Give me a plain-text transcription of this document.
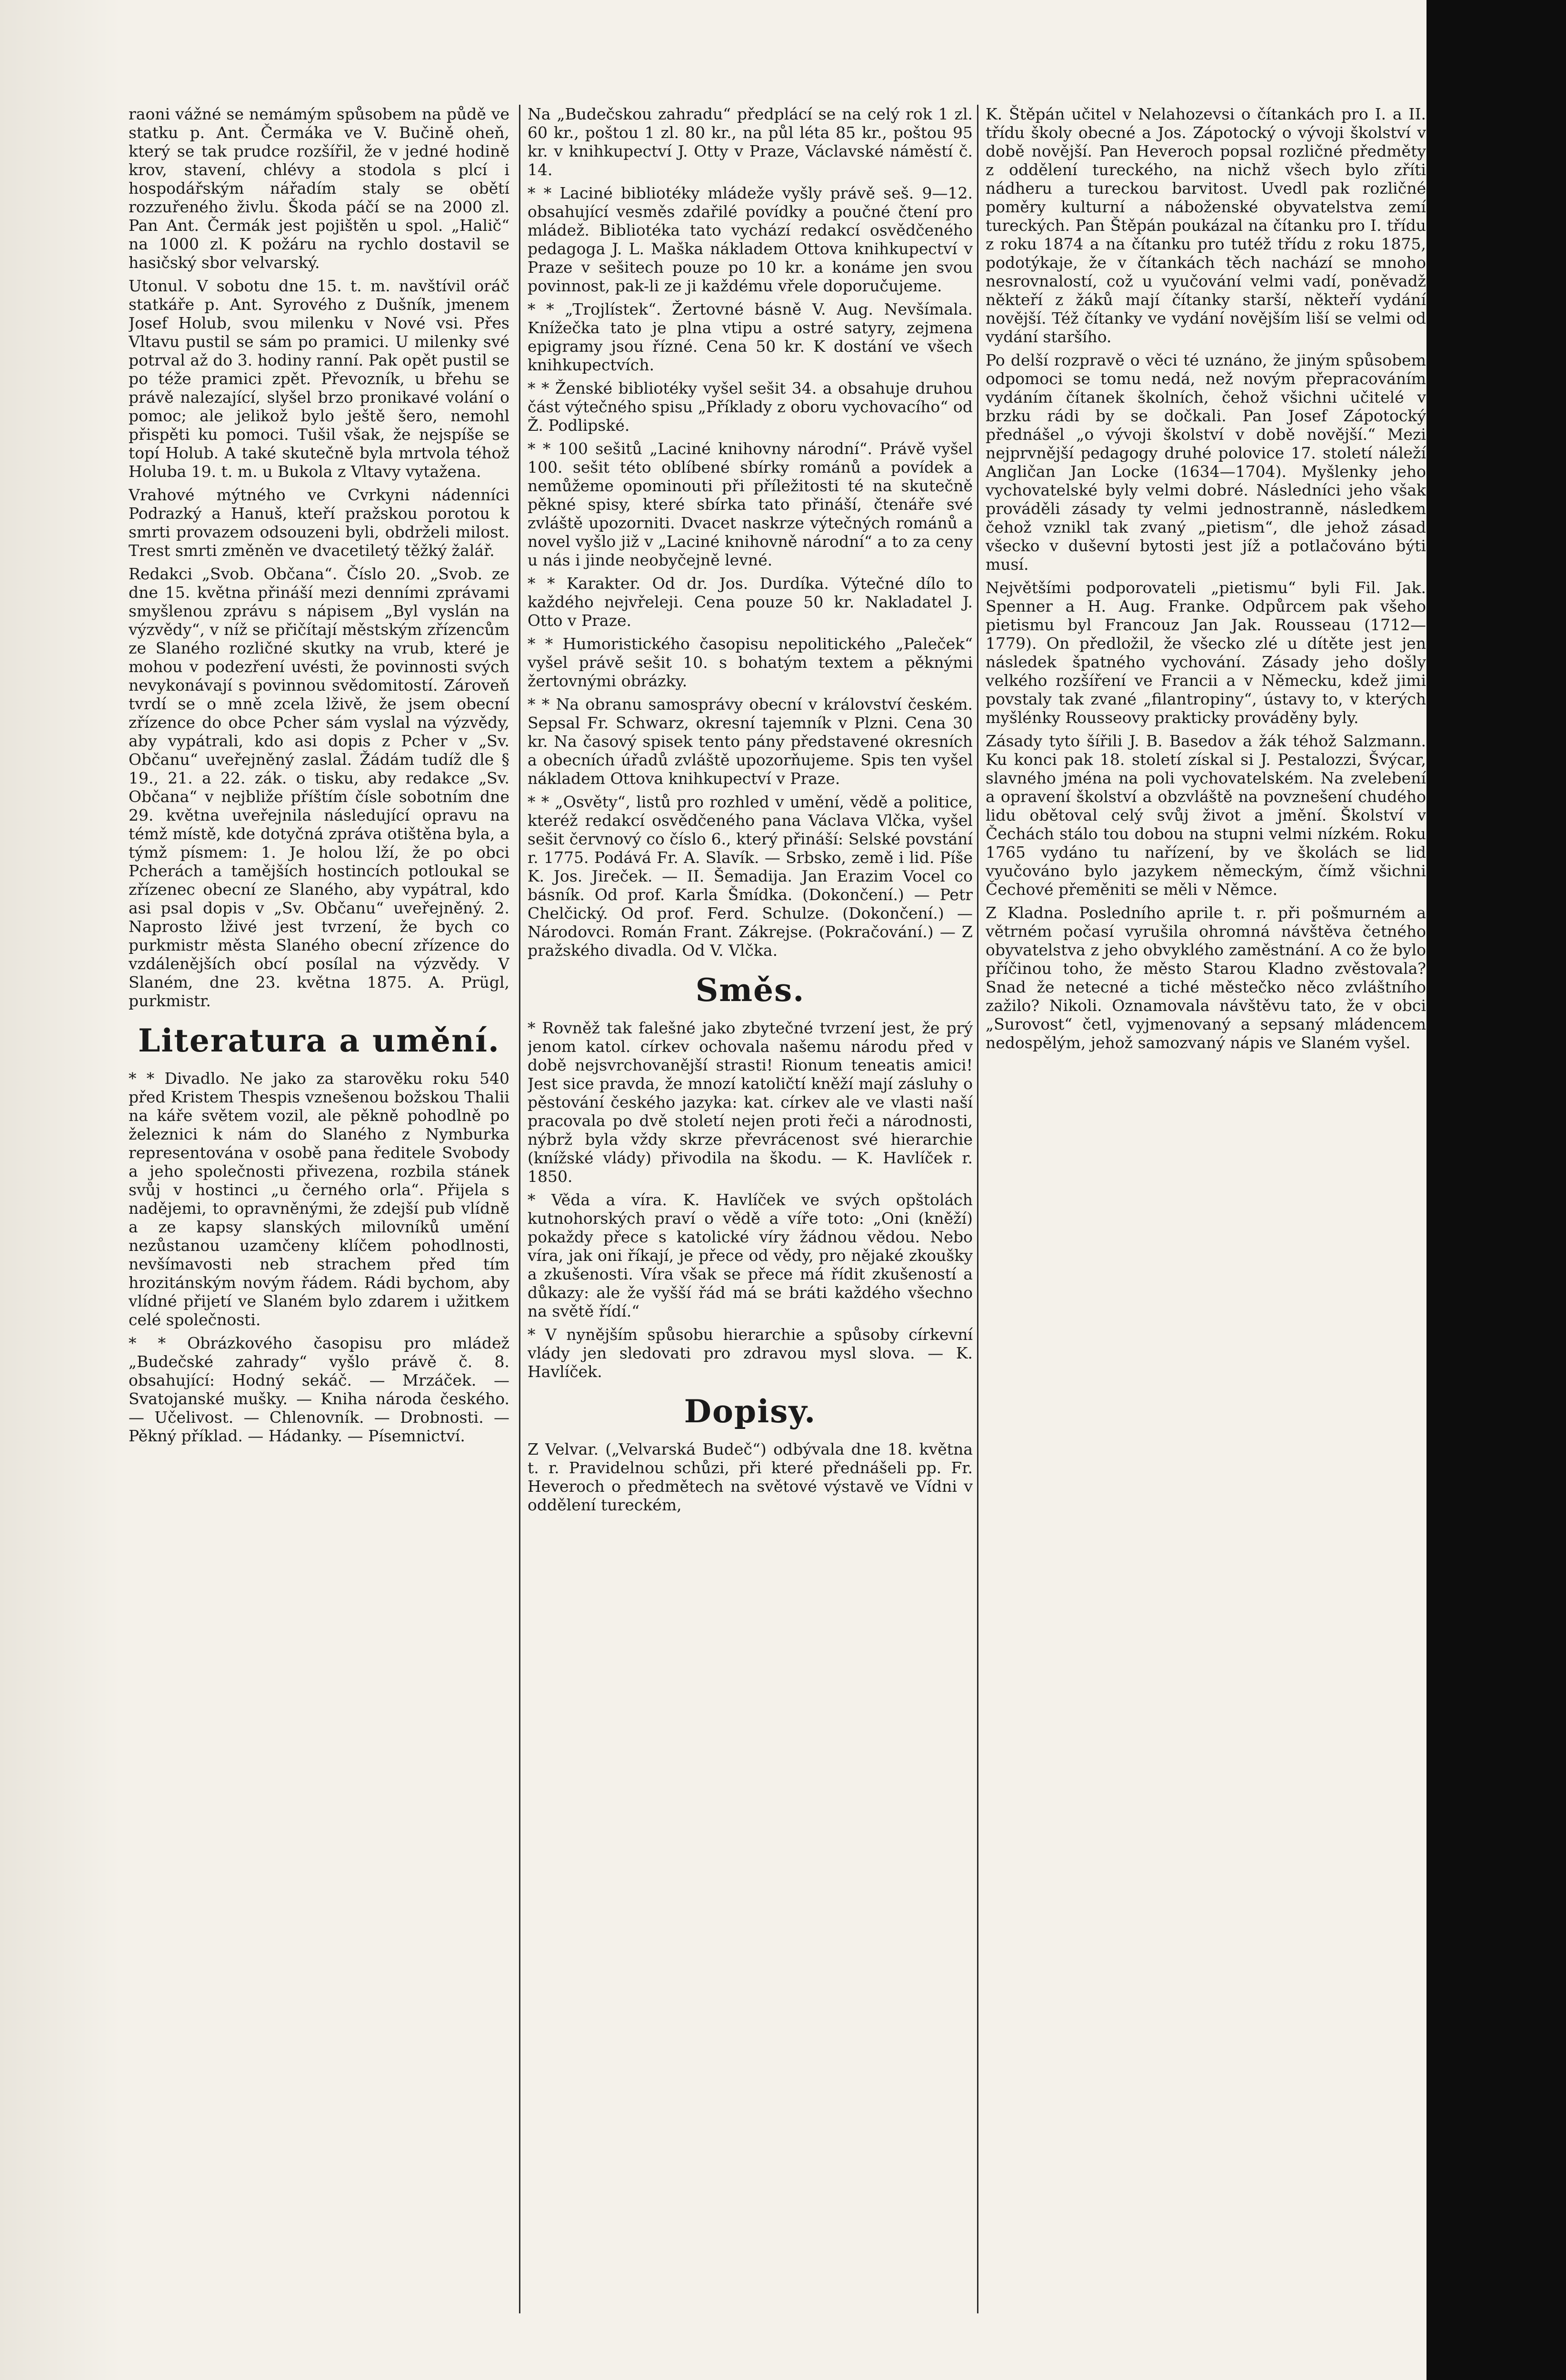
raoni vážné se nemámým spůsobem na půdě ve statku p. Ant. Čermáka ve V. Bučině oheň, který se tak prudce rozšířil, že v jedné hodině krov, stavení, chlévy a stodola s plcí i hospodářským nářadím staly se obětí rozzuřeného živlu. Škoda páčí se na 2000 zl. Pan Ant. Čermák jest pojištěn u spol. „Halič“ na 1000 zl. K požáru na rychlo dostavil se hasičský sbor velvarský.

Utonul. V sobotu dne 15. t. m. navštívil oráč statkáře p. Ant. Syrového z Dušník, jmenem Josef Holub, svou milenku v Nové vsi. Přes Vltavu pustil se sám po pramici. U milenky své potrval až do 3. hodiny ranní. Pak opět pustil se po téže pramici zpět. Převozník, u břehu se právě nalezající, slyšel brzo pronikavé volání o pomoc; ale jelikož bylo ještě šero, nemohl přispěti ku pomoci. Tušil však, že nejspíše se topí Holub. A také skutečně byla mrtvola téhož Holuba 19. t. m. u Bukola z Vltavy vytažena.

Vrahové mýtného ve Cvrkyni nádenníci Podrazký a Hanuš, kteří pražskou porotou k smrti provazem odsouzeni byli, obdrželi milost. Trest smrti změněn ve dvacetiletý těžký žalář.

Redakci „Svob. Občana“. Číslo 20. „Svob. ze dne 15. května přináší mezi denními zprávami smyšlenou zprávu s nápisem „Byl vyslán na výzvědy“, v níž se přičítají městským zřízencům ze Slaného rozličné skutky na vrub, které je mohou v podezření uvésti, že povinnosti svých nevykonávají s povinnou svědomitostí. Zároveň tvrdí se o mně zcela lživě, že jsem obecní zřízence do obce Pcher sám vyslal na výzvědy, aby vypátrali, kdo asi dopis z Pcher v „Sv. Občanu“ uveřejněný zaslal. Žádám tudíž dle § 19., 21. a 22. zák. o tisku, aby redakce „Sv. Občana“ v nejbliže příštím čísle sobotním dne 29. května uveřejnila následující opravu na témž místě, kde dotyčná zpráva otištěna byla, a týmž písmem: 1. Je holou lží, že po obci Pcherách a tamějších hostincích potloukal se zřízenec obecní ze Slaného, aby vypátral, kdo asi psal dopis v „Sv. Občanu“ uveřejněný. 2. Naprosto lživé jest tvrzení, že bych co purkmistr města Slaného obecní zřízence do vzdálenějších obcí posílal na výzvědy. V Slaném, dne 23. května 1875. A. Prügl, purkmistr.

Literatura a umění.

* * Divadlo. Ne jako za starověku roku 540 před Kristem Thespis vznešenou božskou Thalii na káře světem vozil, ale pěkně pohodlně po železnici k nám do Slaného z Nymburka representována v osobě pana ředitele Svobody a jeho společnosti přivezena, rozbila stánek svůj v hostinci „u černého orla“. Přijela s nadějemi, to opravněnými, že zdejší pub vlídně a ze kapsy slanských milovníků umění nezůstanou uzamčeny klíčem pohodlnosti, nevšímavosti neb strachem před tím hrozitánským novým řádem. Rádi bychom, aby vlídné přijetí ve Slaném bylo zdarem i užitkem celé společnosti.

* * Obrázkového časopisu pro mládež „Budečské zahrady“ vyšlo právě č. 8. obsahující: Hodný sekáč. — Mrzáček. — Svatojanské mušky. — Kniha národa českého. — Učelivost. — Chlenovník. — Drobnosti. — Pěkný příklad. — Hádanky. — Písemnictví.

Na „Budečskou zahradu“ předplácí se na celý rok 1 zl. 60 kr., poštou 1 zl. 80 kr., na půl léta 85 kr., poštou 95 kr. v knihkupectví J. Otty v Praze, Václavské náměstí č. 14.

* * Laciné bibliotéky mládeže vyšly právě seš. 9—12. obsahující vesměs zdařilé povídky a poučné čtení pro mládež. Bibliotéka tato vychází redakcí osvědčeného pedagoga J. L. Maška nákladem Ottova knihkupectví v Praze v sešitech pouze po 10 kr. a konáme jen svou povinnost, pak-li ze ji každému vřele doporučujeme.

* * „Trojlístek“. Žertovné básně V. Aug. Nevšímala. Knížečka tato je plna vtipu a ostré satyry, zejmena epigramy jsou řízné. Cena 50 kr. K dostání ve všech knihkupectvích.

* * Ženské bibliotéky vyšel sešit 34. a obsahuje druhou část výtečného spisu „Příklady z oboru vychovacího“ od Ž. Podlipské.

* * 100 sešitů „Laciné knihovny národní“. Právě vyšel 100. sešit této oblíbené sbírky románů a povídek a nemůžeme opominouti při příležitosti té na skutečně pěkné spisy, které sbírka tato přináší, čtenáře své zvláště upozorniti. Dvacet naskrze výtečných románů a novel vyšlo již v „Laciné knihovně národní“ a to za ceny u nás i jinde neobyčejně levné.

* * Karakter. Od dr. Jos. Durdíka. Výtečné dílo to každého nejvřeleji. Cena pouze 50 kr. Nakladatel J. Otto v Praze.

* * Humoristického časopisu nepolitického „Paleček“ vyšel právě sešit 10. s bohatým textem a pěknými žertovnými obrázky.

* * Na obranu samosprávy obecní v království českém. Sepsal Fr. Schwarz, okresní tajemník v Plzni. Cena 30 kr. Na časový spisek tento pány představené okresních a obecních úřadů zvláště upozorňujeme. Spis ten vyšel nákladem Ottova knihkupectví v Praze.

* * „Osvěty“, listů pro rozhled v umění, vědě a politice, kteréž redakcí osvědčeného pana Václava Vlčka, vyšel sešit červnový co číslo 6., který přináší: Selské povstání r. 1775. Podává Fr. A. Slavík. — Srbsko, země i lid. Píše K. Jos. Jireček. — II. Šemadija. Jan Erazim Vocel co básník. Od prof. Karla Šmídka. (Dokončení.) — Petr Chelčický. Od prof. Ferd. Schulze. (Dokončení.) — Národovci. Román Frant. Zákrejse. (Pokračování.) — Z pražského divadla. Od V. Vlčka.

Směs.

* Rovněž tak falešné jako zbytečné tvrzení jest, že prý jenom katol. církev ochovala našemu národu před v době nejsvrchovanější strasti! Rionum teneatis amici! Jest sice pravda, že mnozí katoličtí kněží mají zásluhy o pěstování českého jazyka: kat. církev ale ve vlasti naší pracovala po dvě století nejen proti řeči a národnosti, nýbrž byla vždy skrze převrácenost své hierarchie (knížské vlády) přivodila na škodu. — K. Havlíček r. 1850.

* Věda a víra. K. Havlíček ve svých opštolách kutnohorských praví o vědě a víře toto: „Oni (kněží) pokaždy přece s katolické víry žádnou vědou. Nebo víra, jak oni říkají, je přece od vědy, pro nějaké zkoušky a zkušenosti. Víra však se přece má řídit zkušeností a důkazy: ale že vyšší řád má se bráti každého všechno na světě řídí.“

* V nynějším spůsobu hierarchie a spůsoby církevní vlády jen sledovati pro zdravou mysl slova. — K. Havlíček.

Dopisy.

Z Velvar. („Velvarská Budeč“) odbývala dne 18. května t. r. Pravidelnou schůzi, při které přednášeli pp. Fr. Heveroch o předmětech na světové výstavě ve Vídni v oddělení tureckém,

K. Štěpán učitel v Nelahozevsi o čítankách pro I. a II. třídu školy obecné a Jos. Zápotocký o vývoji školství v době novější. Pan Heveroch popsal rozličné předměty z oddělení tureckého, na nichž všech bylo zříti nádheru a tureckou barvitost. Uvedl pak rozličné poměry kulturní a náboženské obyvatelstva zemí tureckých. Pan Štěpán poukázal na čítanku pro I. třídu z roku 1874 a na čítanku pro tutéž třídu z roku 1875, podotýkaje, že v čítankách těch nachází se mnoho nesrovnalostí, což u vyučování velmi vadí, poněvadž někteří z žáků mají čítanky starší, někteří vydání novější. Též čítanky ve vydání novějším liší se velmi od vydání staršího.

Po delší rozpravě o věci té uznáno, že jiným spůsobem odpomoci se tomu nedá, než novým přepracováním vydáním čítanek školních, čehož všichni učitelé v brzku rádi by se dočkali. Pan Josef Zápotocký přednášel „o vývoji školství v době novější.“ Mezi nejprvnější pedagogy druhé polovice 17. století náleží Angličan Jan Locke (1634—1704). Myšlenky jeho vychovatelské byly velmi dobré. Následníci jeho však prováděli zásady ty velmi jednostranně, následkem čehož vznikl tak zvaný „pietism“, dle jehož zásad všecko v duševní bytosti jest jíž a potlačováno býti musí.

Největšími podporovateli „pietismu“ byli Fil. Jak. Spenner a H. Aug. Franke. Odpůrcem pak všeho pietismu byl Francouz Jan Jak. Rousseau (1712—1779). On předložil, že všecko zlé u dítěte jest jen následek špatného vychování. Zásady jeho došly velkého rozšíření ve Francii a v Německu, kdež jimi povstaly tak zvané „filantropiny“, ústavy to, v kterých myšlénky Rousseovy prakticky prováděny byly.

Zásady tyto šířili J. B. Basedov a žák téhož Salzmann. Ku konci pak 18. století získal si J. Pestalozzi, Švýcar, slavného jména na poli vychovatelském. Na zvelebení a opravení školství a obzvláště na povznešení chudého lidu obětoval celý svůj život a jmění. Školství v Čechách stálo tou dobou na stupni velmi nízkém. Roku 1765 vydáno tu nařízení, by ve školách se lid vyučováno bylo jazykem německým, čímž všichni Čechové přeměniti se měli v Němce.

Z Kladna. Posledního aprile t. r. při pošmurném a větrném počasí vyrušila ohromná návštěva četného obyvatelstva z jeho obvyklého zaměstnání. A co že bylo příčinou toho, že město Starou Kladno zvěstovala? Snad že netecné a tiché městečko něco zvláštního zažilo? Nikoli. Oznamovala návštěvu tato, že v obci „Surovost“ četl, vyjmenovaný a sepsaný mládencem nedospělým, jehož samozvaný nápis ve Slaném vyšel.
